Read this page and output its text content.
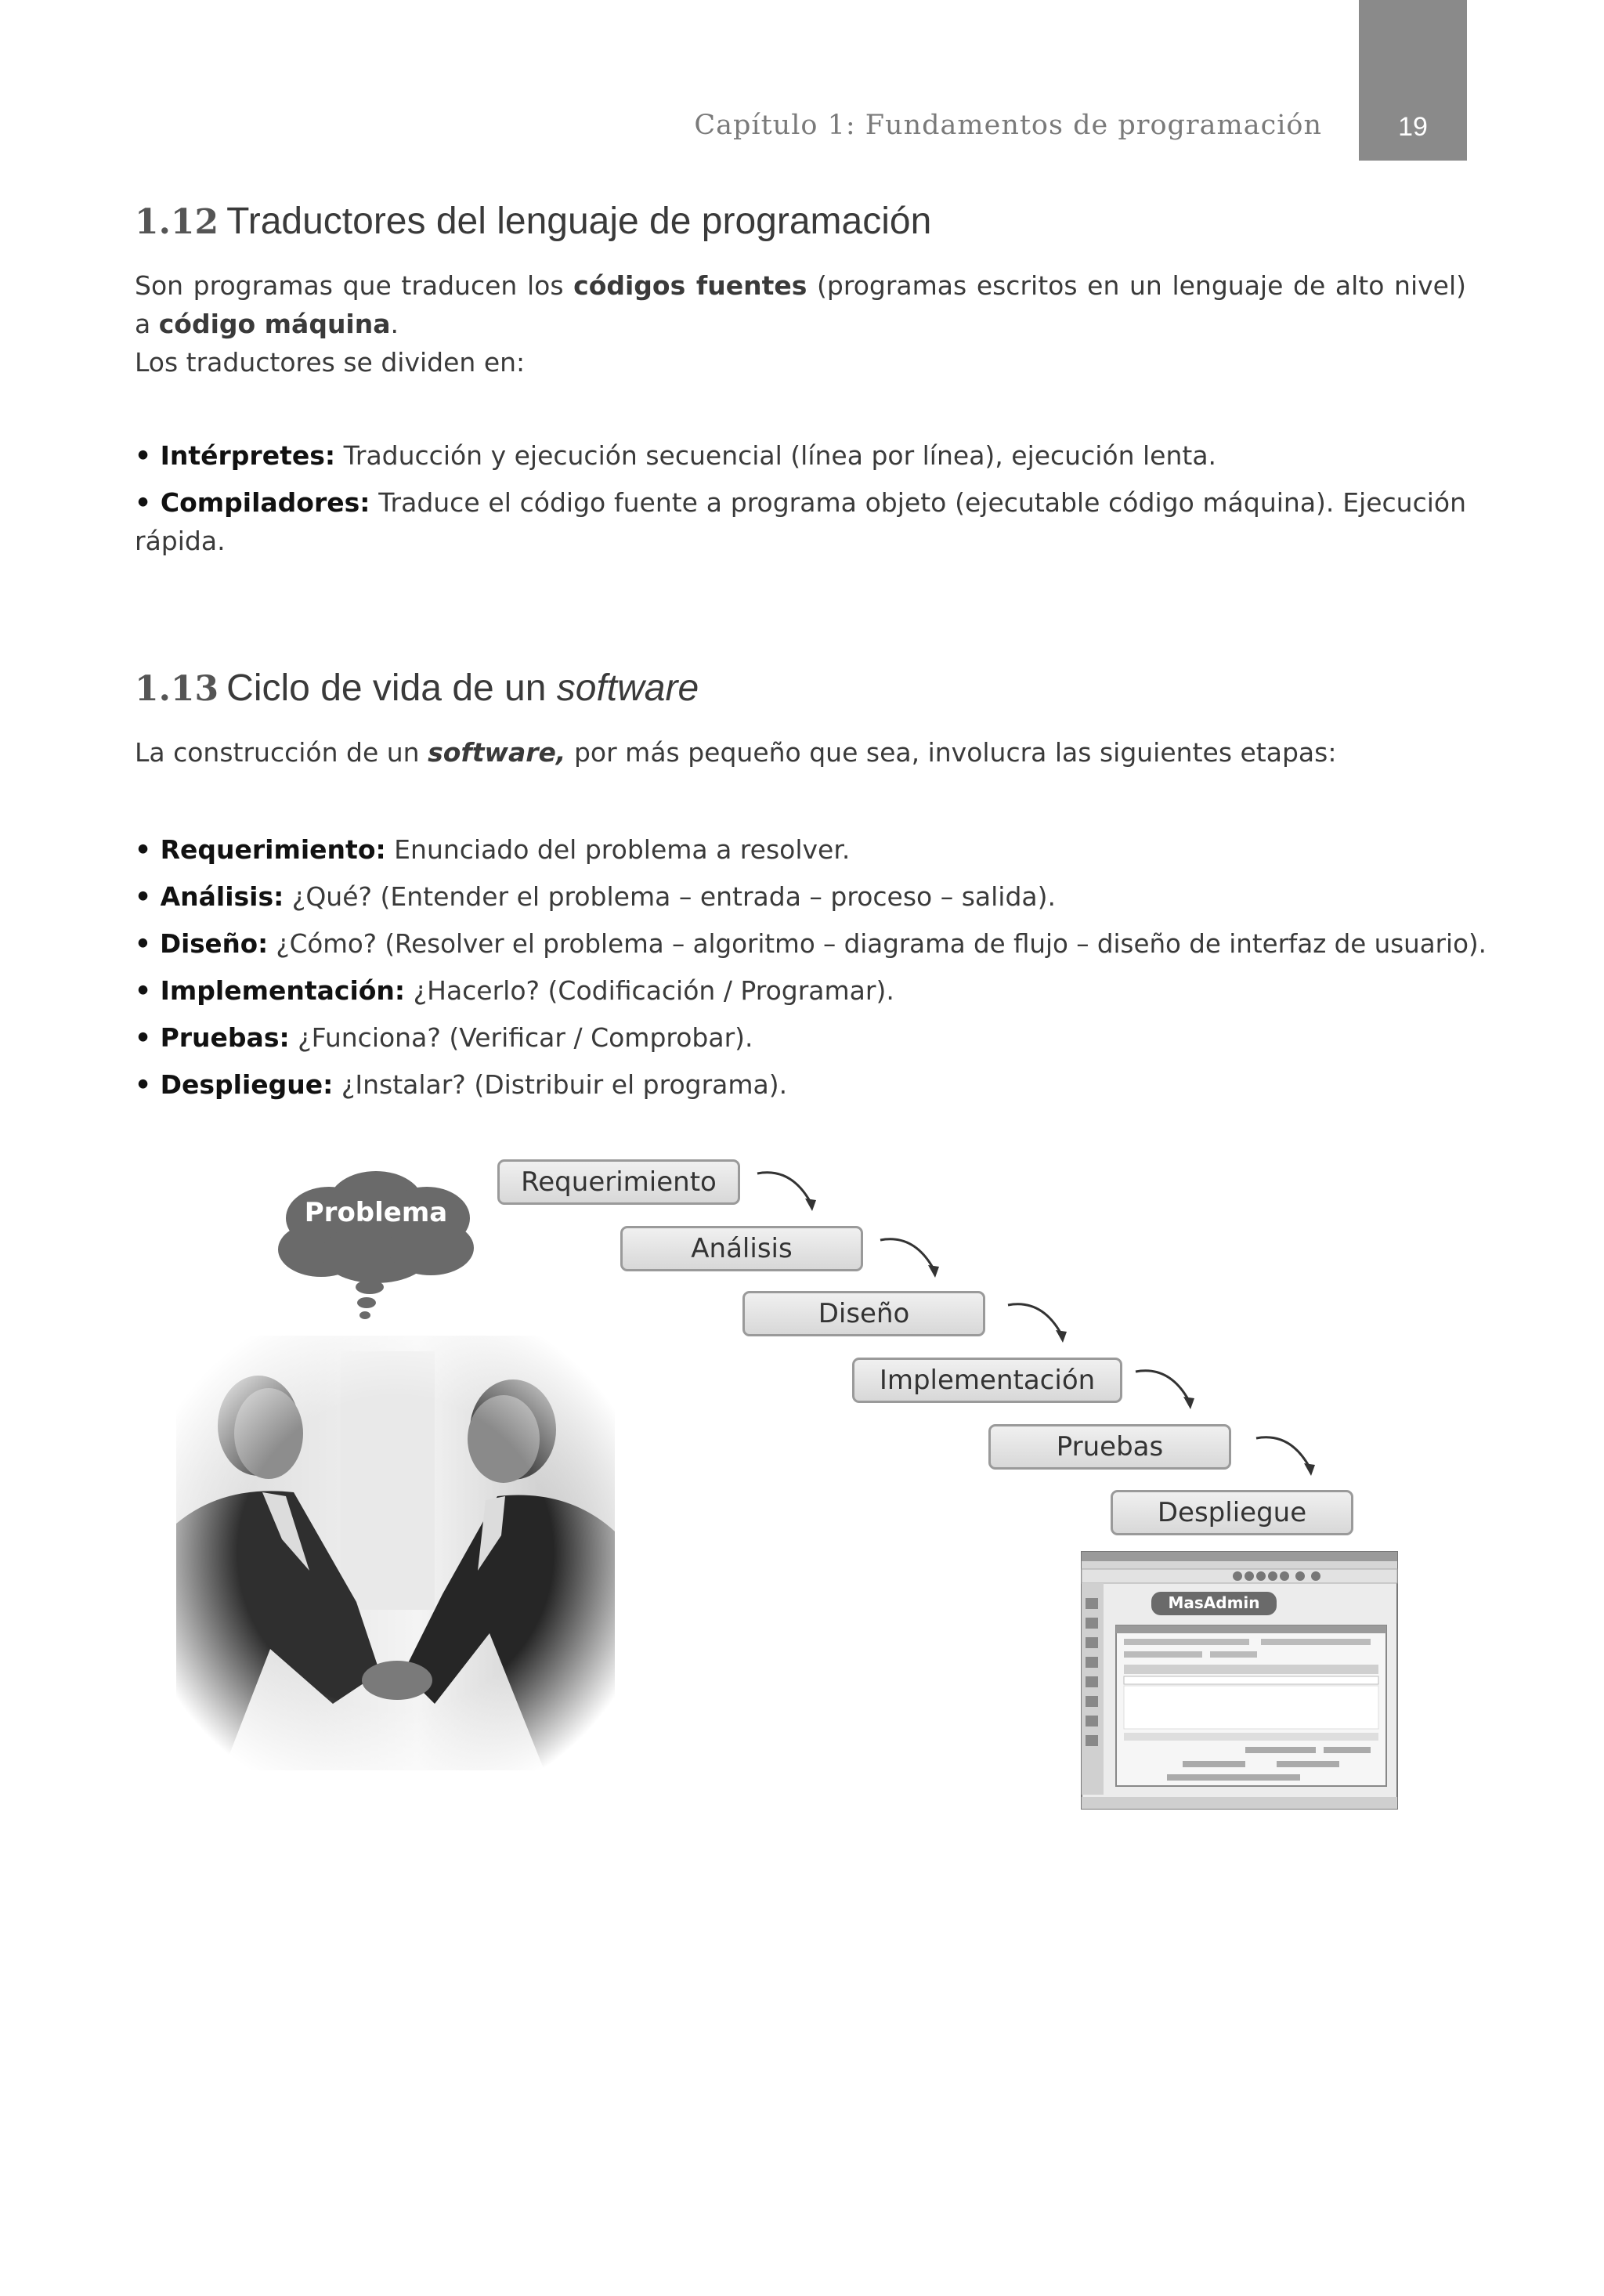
Capítulo 1: Fundamentos de programación	19
1.12 Traductores del lenguaje de programación

Son programas que traducen los códigos fuentes (programas escritos en un lenguaje de alto nivel) a código máquina.

Los traductores se dividen en:

• Intérpretes: Traducción y ejecución secuencial (línea por línea), ejecución lenta.
• Compiladores: Traduce el código fuente a programa objeto (ejecutable código máquina). Ejecución rápida.
1.13 Ciclo de vida de un software

La construcción de un software, por más pequeño que sea, involucra las siguientes etapas:

• Requerimiento: Enunciado del problema a resolver.
• Análisis: ¿Qué? (Entender el problema – entrada – proceso – salida).
• Diseño: ¿Cómo? (Resolver el problema – algoritmo – diagrama de flujo – diseño de interfaz de usuario).
• Implementación: ¿Hacerlo? (Codificación / Programar).
• Pruebas: ¿Funciona? (Verificar / Comprobar).
• Despliegue: ¿Instalar? (Distribuir el programa).
Problema
Requerimiento
Análisis
Diseño
Implementación
Pruebas
Despliegue
MasAdmin
